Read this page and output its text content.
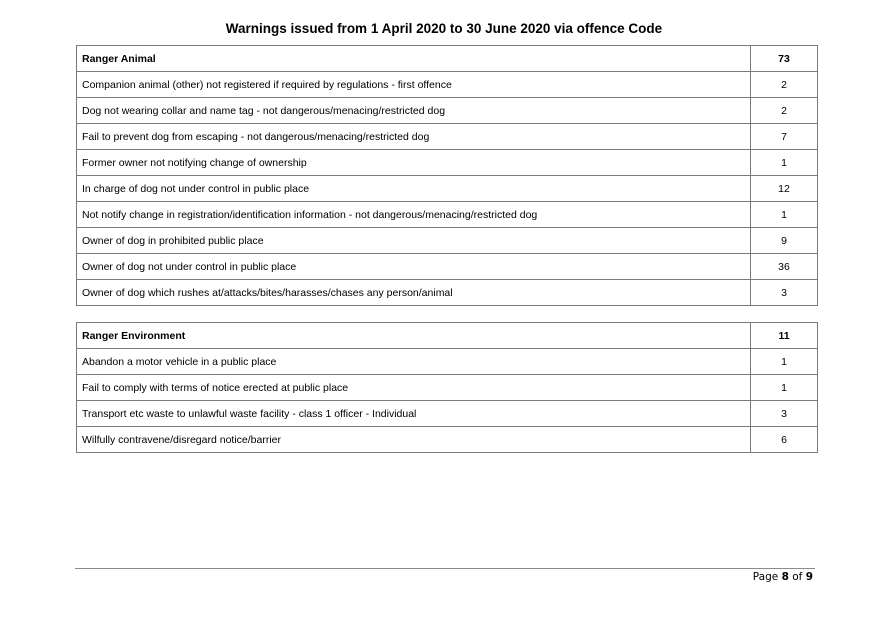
Warnings issued from 1 April 2020 to 30 June 2020 via offence Code
Ranger Animal	73
Companion animal (other) not registered if required by regulations - first offence	2
Dog not wearing collar and name tag - not dangerous/menacing/restricted dog	2
Fail to prevent dog from escaping - not dangerous/menacing/restricted dog	7
Former owner not notifying change of ownership	1
In charge of dog not under control in public place	12
Not notify change in registration/identification information - not dangerous/menacing/restricted dog	1
Owner of dog in prohibited public place	9
Owner of dog not under control in public place	36
Owner of dog which rushes at/attacks/bites/harasses/chases any person/animal	3
Ranger Environment	11
Abandon a motor vehicle in a public place	1
Fail to comply with terms of notice erected at public place	1
Transport etc waste to unlawful waste facility - class 1 officer - Individual	3
Wilfully contravene/disregard notice/barrier	6
Page 8 of 9
